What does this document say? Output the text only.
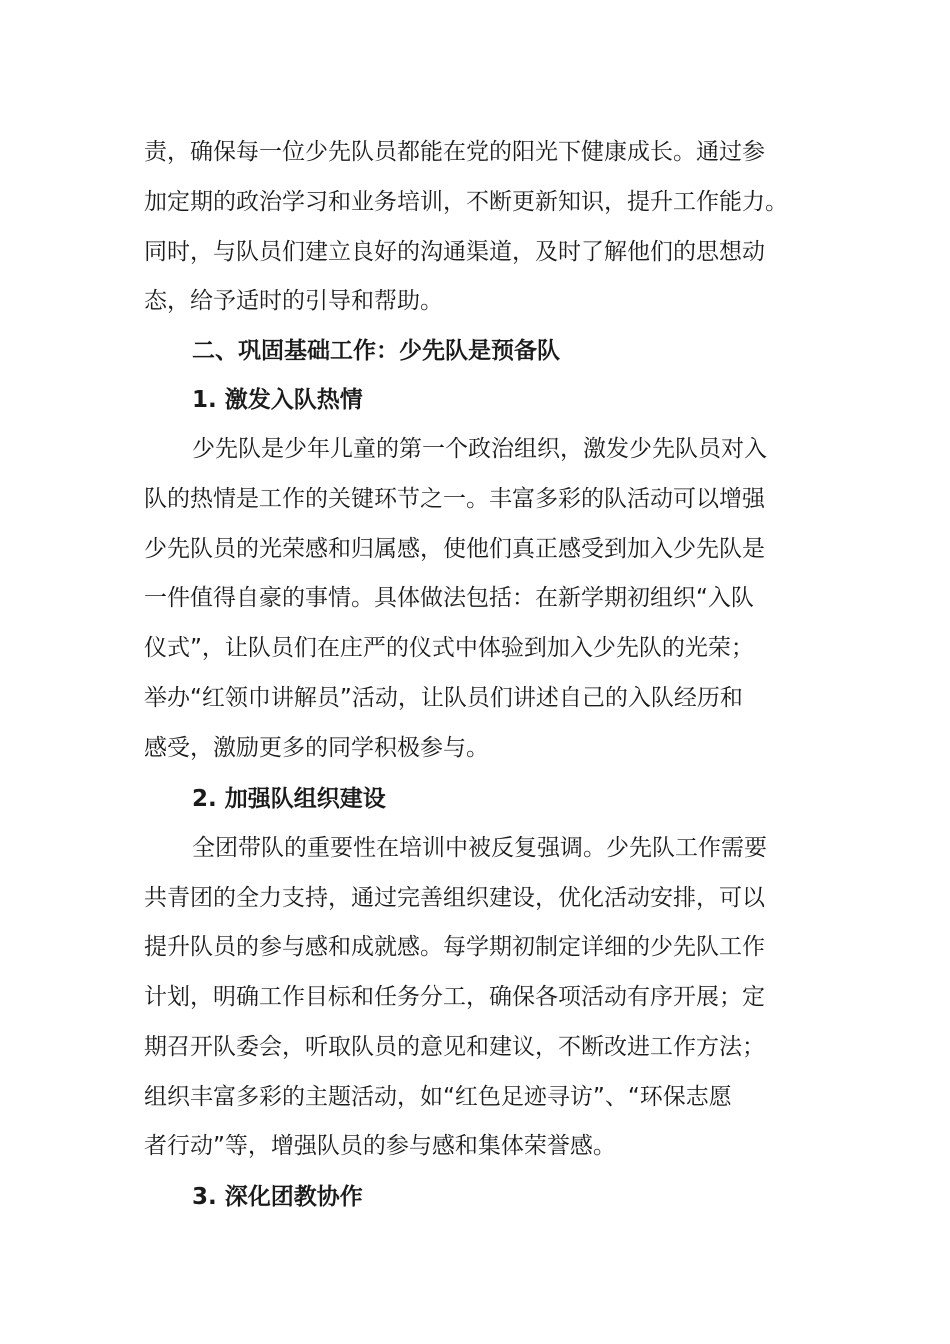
责，确保每一位少先队员都能在党的阳光下健康成长。通过参
加定期的政治学习和业务培训，不断更新知识，提升工作能力。
同时，与队员们建立良好的沟通渠道，及时了解他们的思想动
态，给予适时的引导和帮助。
二、巩固基础工作：少先队是预备队
1. 激发入队热情
少先队是少年儿童的第一个政治组织，激发少先队员对入
队的热情是工作的关键环节之一。丰富多彩的队活动可以增强
少先队员的光荣感和归属感，使他们真正感受到加入少先队是
一件值得自豪的事情。具体做法包括：在新学期初组织“入队
仪式”，让队员们在庄严的仪式中体验到加入少先队的光荣；
举办“红领巾讲解员”活动，让队员们讲述自己的入队经历和
感受，激励更多的同学积极参与。
2. 加强队组织建设
全团带队的重要性在培训中被反复强调。少先队工作需要
共青团的全力支持，通过完善组织建设，优化活动安排，可以
提升队员的参与感和成就感。每学期初制定详细的少先队工作
计划，明确工作目标和任务分工，确保各项活动有序开展；定
期召开队委会，听取队员的意见和建议，不断改进工作方法；
组织丰富多彩的主题活动，如“红色足迹寻访”、“环保志愿
者行动”等，增强队员的参与感和集体荣誉感。
3. 深化团教协作
